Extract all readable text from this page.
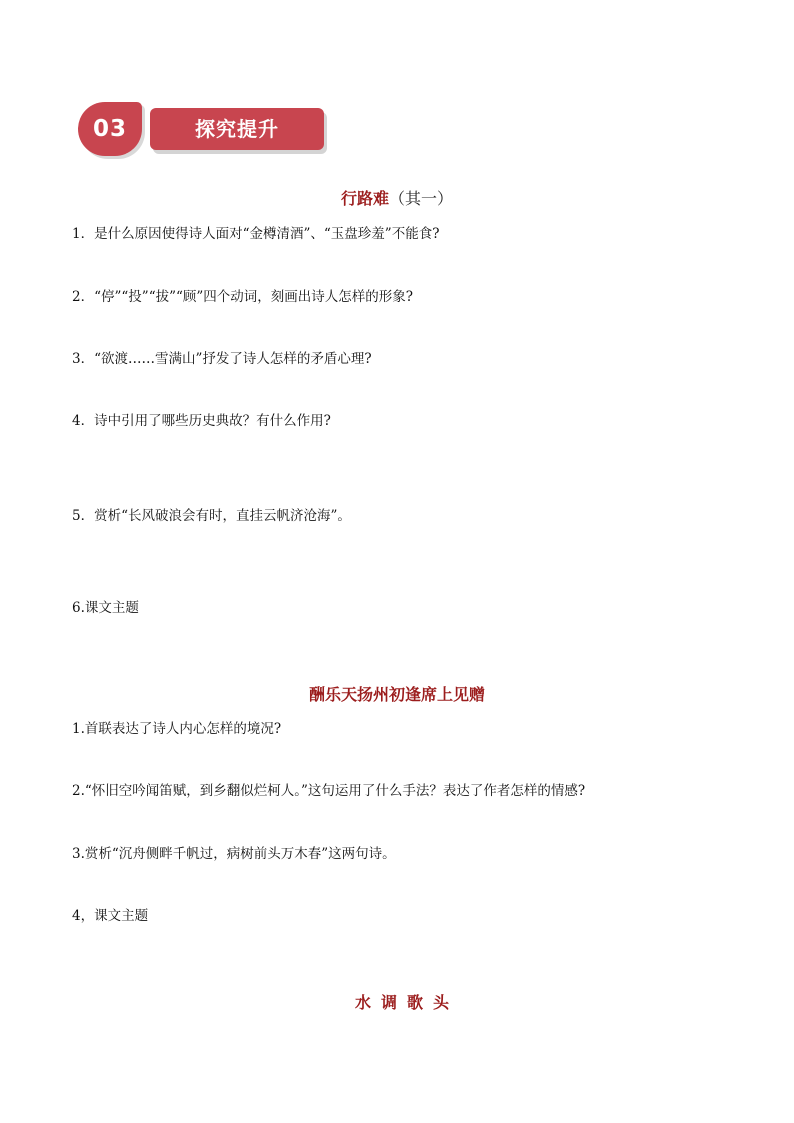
03	探究提升
行路难（其一）
1．是什么原因使得诗人面对“金樽清酒”、“玉盘珍羞”不能食?
2．“停”“投”“拔”“顾”四个动词，刻画出诗人怎样的形象?
3．“欲渡……雪满山”抒发了诗人怎样的矛盾心理?
4．诗中引用了哪些历史典故？有什么作用?
5．赏析“长风破浪会有时，直挂云帆济沧海”。
6.课文主题
酬乐天扬州初逢席上见赠
1.首联表达了诗人内心怎样的境况?
2.“怀旧空吟闻笛赋，到乡翻似烂柯人。”这句运用了什么手法？表达了作者怎样的情感?
3.赏析“沉舟侧畔千帆过，病树前头万木春”这两句诗。
4，课文主题
水调歌头
